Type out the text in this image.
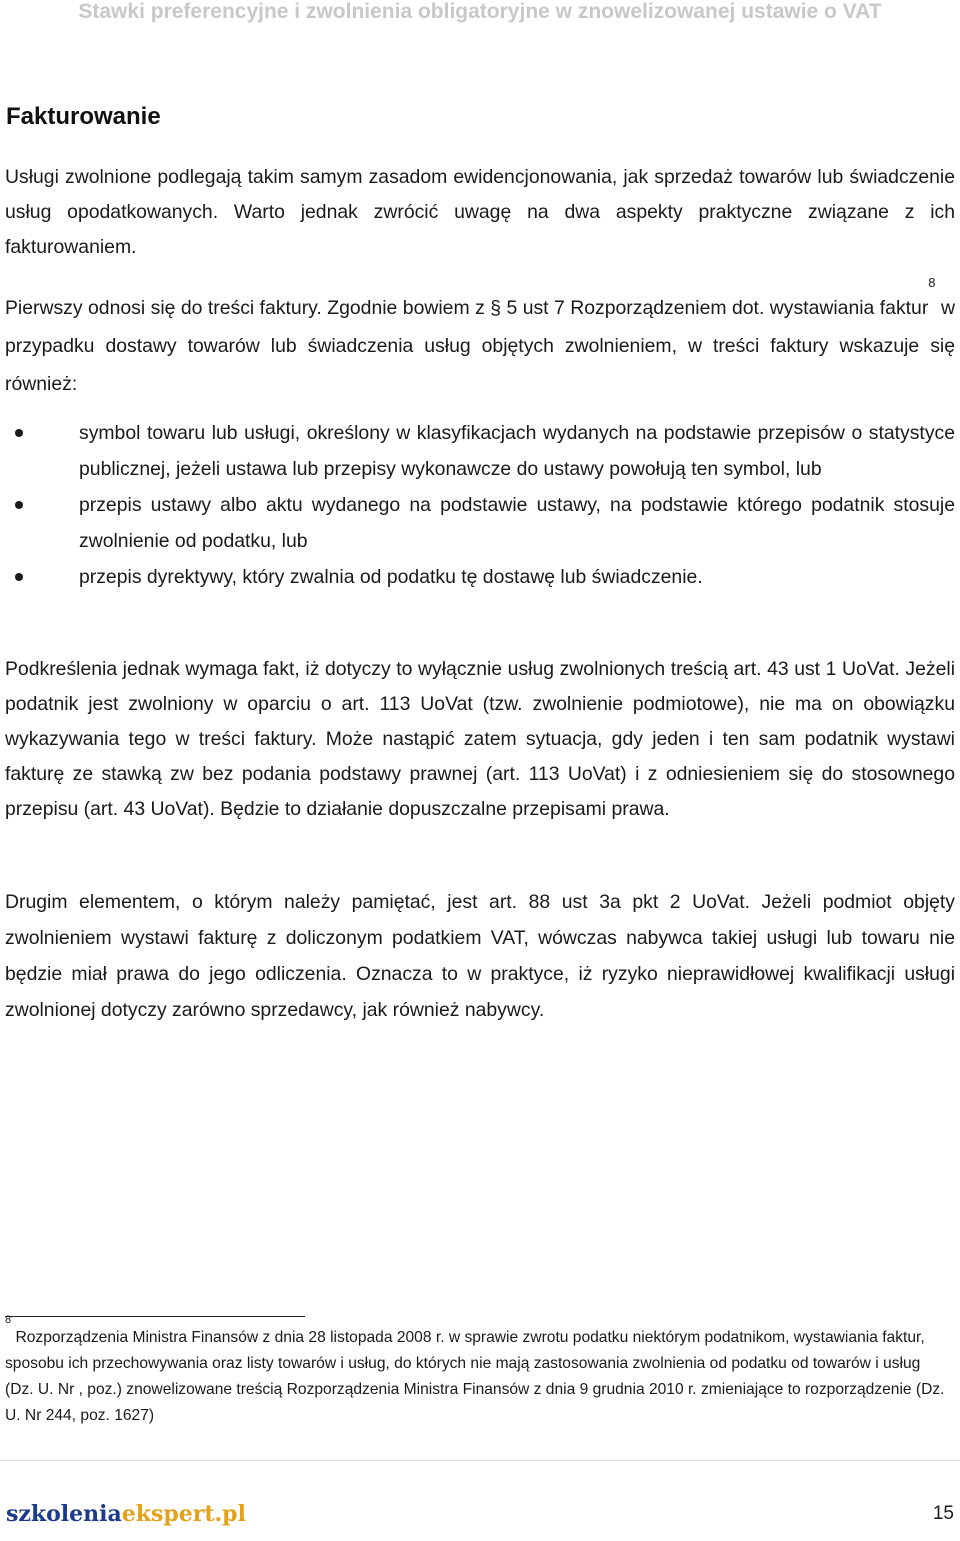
Stawki preferencyjne i zwolnienia obligatoryjne w znowelizowanej ustawie o VAT
Fakturowanie

Usługi zwolnione podlegają takim samym zasadom ewidencjonowania, jak sprzedaż towarów lub świadczenie usług opodatkowanych. Warto jednak zwrócić uwagę na dwa aspekty praktyczne związane z ich fakturowaniem.

Pierwszy odnosi się do treści faktury. Zgodnie bowiem z § 5 ust 7 Rozporządzeniem dot. wystawiania faktur$^8$ w przypadku dostawy towarów lub świadczenia usług objętych zwolnieniem, w treści faktury wskazuje się również:

symbol towaru lub usługi, określony w klasyfikacjach wydanych na podstawie przepisów o statystyce publicznej, jeżeli ustawa lub przepisy wykonawcze do ustawy powołują ten symbol, lub
przepis ustawy albo aktu wydanego na podstawie ustawy, na podstawie którego podatnik stosuje zwolnienie od podatku, lub
przepis dyrektywy, który zwalnia od podatku tę dostawę lub świadczenie.

Podkreślenia jednak wymaga fakt, iż dotyczy to wyłącznie usług zwolnionych treścią art. 43 ust 1 UoVat. Jeżeli podatnik jest zwolniony w oparciu o art. 113 UoVat (tzw. zwolnienie podmiotowe), nie ma on obowiązku wykazywania tego w treści faktury. Może nastąpić zatem sytuacja, gdy jeden i ten sam podatnik wystawi fakturę ze stawką zw bez podania podstawy prawnej (art. 113 UoVat) i z odniesieniem się do stosownego przepisu (art. 43 UoVat). Będzie to działanie dopuszczalne przepisami prawa.

Drugim elementem, o którym należy pamiętać, jest art. 88 ust 3a pkt 2 UoVat. Jeżeli podmiot objęty zwolnieniem wystawi fakturę z doliczonym podatkiem VAT, wówczas nabywca takiej usługi lub towaru nie będzie miał prawa do jego odliczenia. Oznacza to w praktyce, iż ryzyko nieprawidłowej kwalifikacji usługi zwolnionej dotyczy zarówno sprzedawcy, jak również nabywcy.

$^8$ Rozporządzenia Ministra Finansów z dnia 28 listopada 2008 r. w sprawie zwrotu podatku niektórym podatnikom, wystawiania faktur, sposobu ich przechowywania oraz listy towarów i usług, do których nie mają zastosowania zwolnienia od podatku od towarów i usług (Dz. U. Nr , poz.) znowelizowane treścią Rozporządzenia Ministra Finansów z dnia 9 grudnia 2010 r. zmieniające to rozporządzenie (Dz. U. Nr 244, poz. 1627)

szkoleniaekspert.pl	15
